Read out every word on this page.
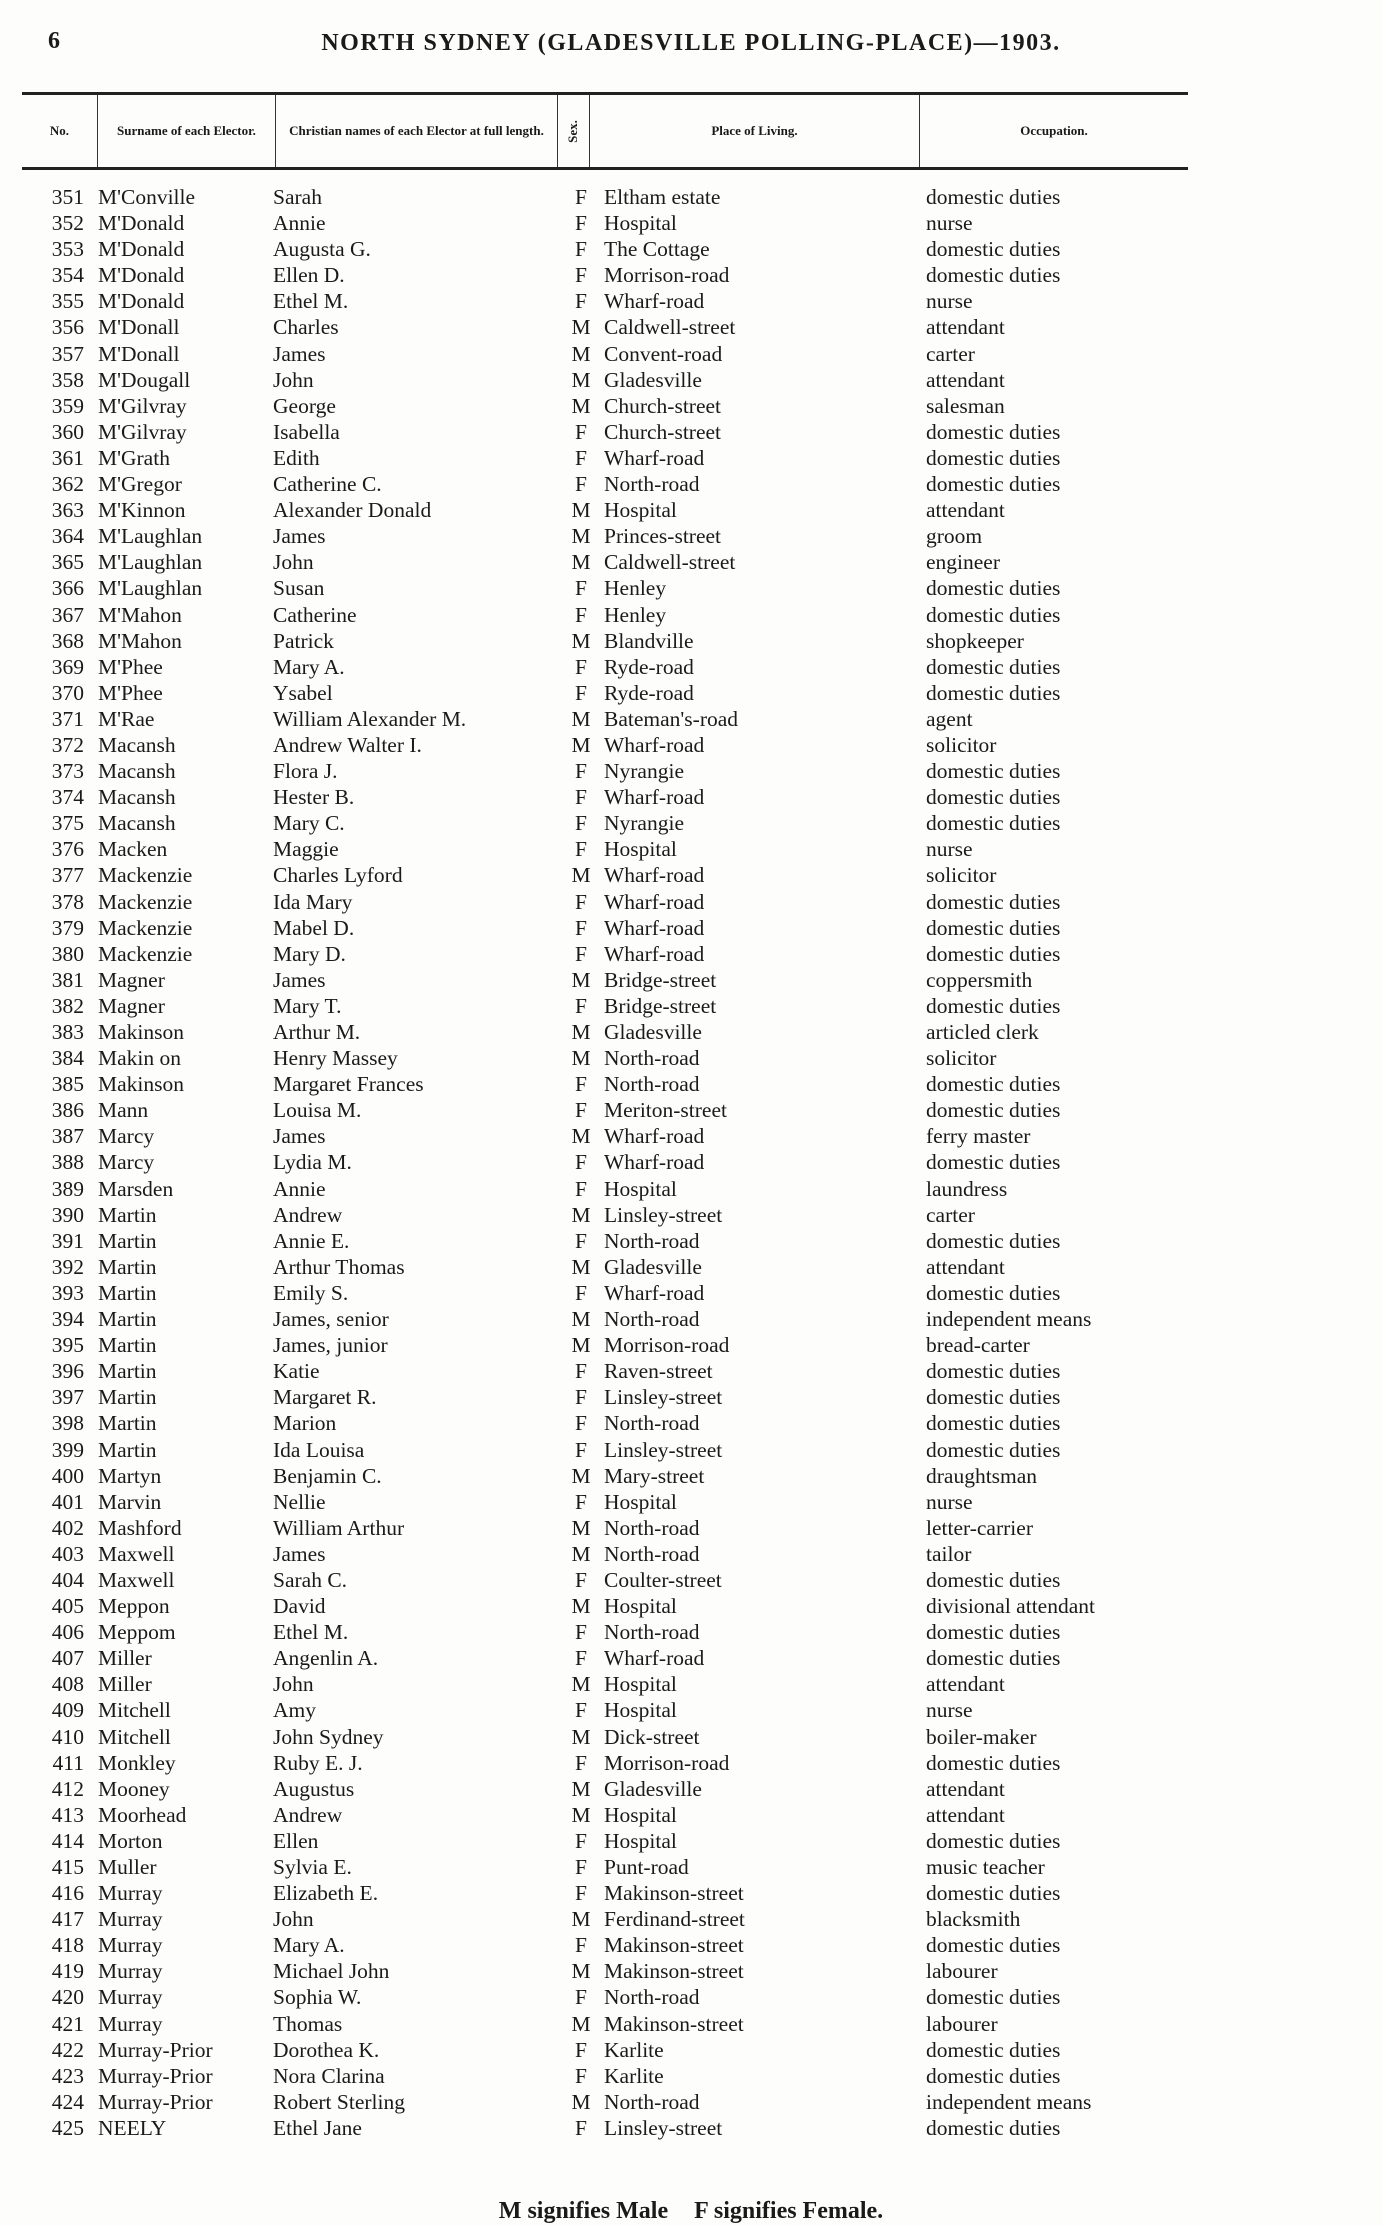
6	NORTH SYDNEY (GLADESVILLE POLLING-PLACE)—1903.
No.	Surname of each Elector.	Christian names of each Elector at full length.	Sex.	Place of Living.	Occupation.
351 M'Conville	Sarah	F Eltham estate	domestic duties
352 M'Donald	Annie	F Hospital	nurse
353 M'Donald	Augusta G.	F The Cottage	domestic duties
354 M'Donald	Ellen D.	F Morrison-road	domestic duties
355 M'Donald	Ethel M.	F Wharf-road	nurse
356 M'Donall	Charles	M Caldwell-street	attendant
357 M'Donall	James	M Convent-road	carter
358 M'Dougall	John	M Gladesville	attendant
359 M'Gilvray	George	M Church-street	salesman
360 M'Gilvray	Isabella	F Church-street	domestic duties
361 M'Grath	Edith	F Wharf-road	domestic duties
362 M'Gregor	Catherine C.	F North-road	domestic duties
363 M'Kinnon	Alexander Donald	M Hospital	attendant
364 M'Laughlan	James	M Princes-street	groom
365 M'Laughlan	John	M Caldwell-street	engineer
366 M'Laughlan	Susan	F Henley	domestic duties
367 M'Mahon	Catherine	F Henley	domestic duties
368 M'Mahon	Patrick	M Blandville	shopkeeper
369 M'Phee	Mary A.	F Ryde-road	domestic duties
370 M'Phee	Ysabel	F Ryde-road	domestic duties
371 M'Rae	William Alexander M.	M Bateman's-road	agent
372 Macansh	Andrew Walter I.	M Wharf-road	solicitor
373 Macansh	Flora J.	F Nyrangie	domestic duties
374 Macansh	Hester B.	F Wharf-road	domestic duties
375 Macansh	Mary C.	F Nyrangie	domestic duties
376 Macken	Maggie	F Hospital	nurse
377 Mackenzie	Charles Lyford	M Wharf-road	solicitor
378 Mackenzie	Ida Mary	F Wharf-road	domestic duties
379 Mackenzie	Mabel D.	F Wharf-road	domestic duties
380 Mackenzie	Mary D.	F Wharf-road	domestic duties
381 Magner	James	M Bridge-street	coppersmith
382 Magner	Mary T.	F Bridge-street	domestic duties
383 Makinson	Arthur M.	M Gladesville	articled clerk
384 Makin on	Henry Massey	M North-road	solicitor
385 Makinson	Margaret Frances	F North-road	domestic duties
386 Mann	Louisa M.	F Meriton-street	domestic duties
387 Marcy	James	M Wharf-road	ferry master
388 Marcy	Lydia M.	F Wharf-road	domestic duties
389 Marsden	Annie	F Hospital	laundress
390 Martin	Andrew	M Linsley-street	carter
391 Martin	Annie E.	F North-road	domestic duties
392 Martin	Arthur Thomas	M Gladesville	attendant
393 Martin	Emily S.	F Wharf-road	domestic duties
394 Martin	James, senior	M North-road	independent means
395 Martin	James, junior	M Morrison-road	bread-carter
396 Martin	Katie	F Raven-street	domestic duties
397 Martin	Margaret R.	F Linsley-street	domestic duties
398 Martin	Marion	F North-road	domestic duties
399 Martin	Ida Louisa	F Linsley-street	domestic duties
400 Martyn	Benjamin C.	M Mary-street	draughtsman
401 Marvin	Nellie	F Hospital	nurse
402 Mashford	William Arthur	M North-road	letter-carrier
403 Maxwell	James	M North-road	tailor
404 Maxwell	Sarah C.	F Coulter-street	domestic duties
405 Meppon	David	M Hospital	divisional attendant
406 Meppom	Ethel M.	F North-road	domestic duties
407 Miller	Angenlin A.	F Wharf-road	domestic duties
408 Miller	John	M Hospital	attendant
409 Mitchell	Amy	F Hospital	nurse
410 Mitchell	John Sydney	M Dick-street	boiler-maker
411 Monkley	Ruby E. J.	F Morrison-road	domestic duties
412 Mooney	Augustus	M Gladesville	attendant
413 Moorhead	Andrew	M Hospital	attendant
414 Morton	Ellen	F Hospital	domestic duties
415 Muller	Sylvia E.	F Punt-road	music teacher
416 Murray	Elizabeth E.	F Makinson-street	domestic duties
417 Murray	John	M Ferdinand-street	blacksmith
418 Murray	Mary A.	F Makinson-street	domestic duties
419 Murray	Michael John	M Makinson-street	labourer
420 Murray	Sophia W.	F North-road	domestic duties
421 Murray	Thomas	M Makinson-street	labourer
422 Murray-Prior	Dorothea K.	F Karlite	domestic duties
423 Murray-Prior	Nora Clarina	F Karlite	domestic duties
424 Murray-Prior	Robert Sterling	M North-road	independent means
425 NEELY	Ethel Jane	F Linsley-street	domestic duties
M signifies Male F signifies Female.
